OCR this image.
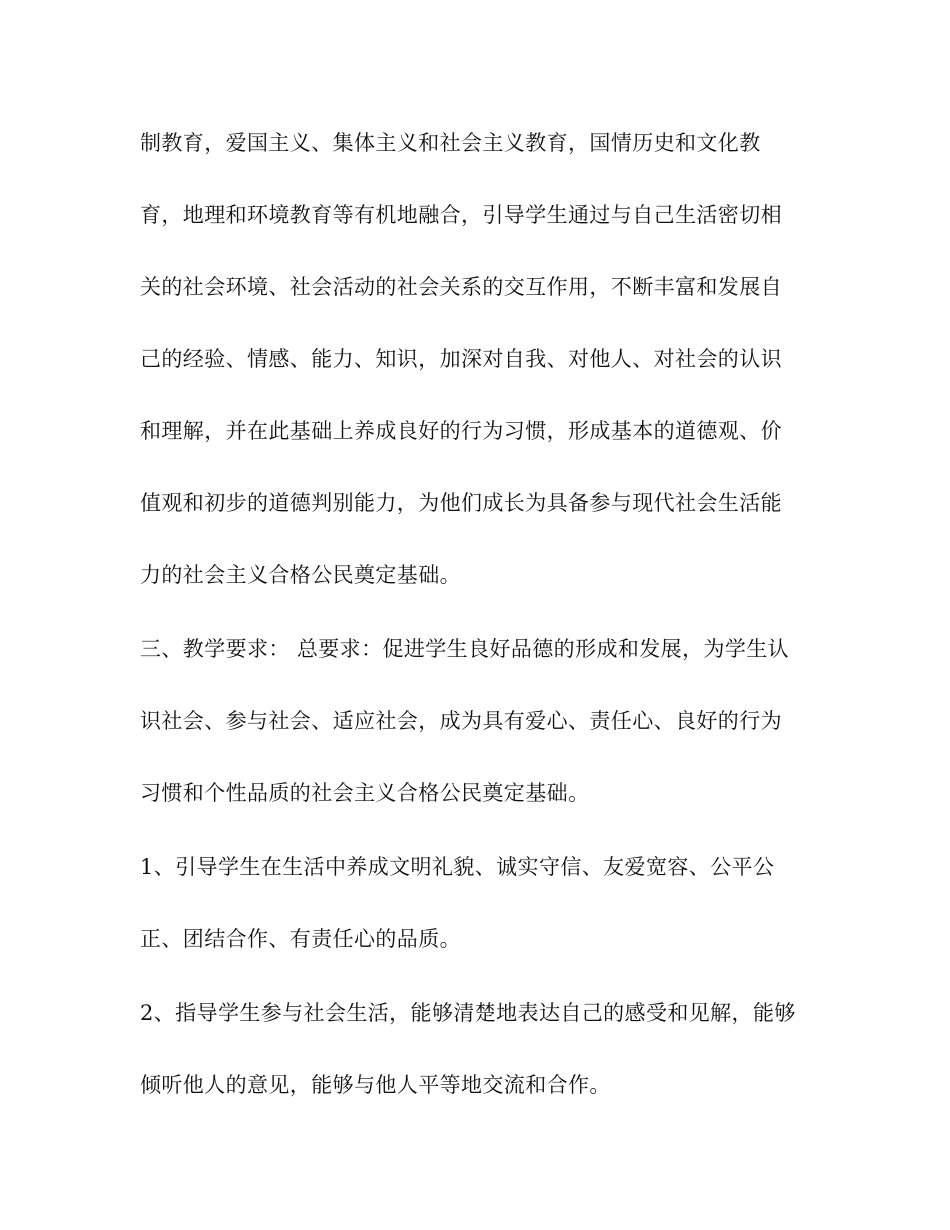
制教育，爱国主义、集体主义和社会主义教育，国情历史和文化教
育，地理和环境教育等有机地融合，引导学生通过与自己生活密切相
关的社会环境、社会活动的社会关系的交互作用，不断丰富和发展自
己的经验、情感、能力、知识，加深对自我、对他人、对社会的认识
和理解，并在此基础上养成良好的行为习惯，形成基本的道德观、价
值观和初步的道德判别能力，为他们成长为具备参与现代社会生活能
力的社会主义合格公民奠定基础。
三、教学要求： 总要求：促进学生良好品德的形成和发展，为学生认
识社会、参与社会、适应社会，成为具有爱心、责任心、良好的行为
习惯和个性品质的社会主义合格公民奠定基础。
1、引导学生在生活中养成文明礼貌、诚实守信、友爱宽容、公平公
正、团结合作、有责任心的品质。
2、指导学生参与社会生活，能够清楚地表达自己的感受和见解，能够
倾听他人的意见，能够与他人平等地交流和合作。
